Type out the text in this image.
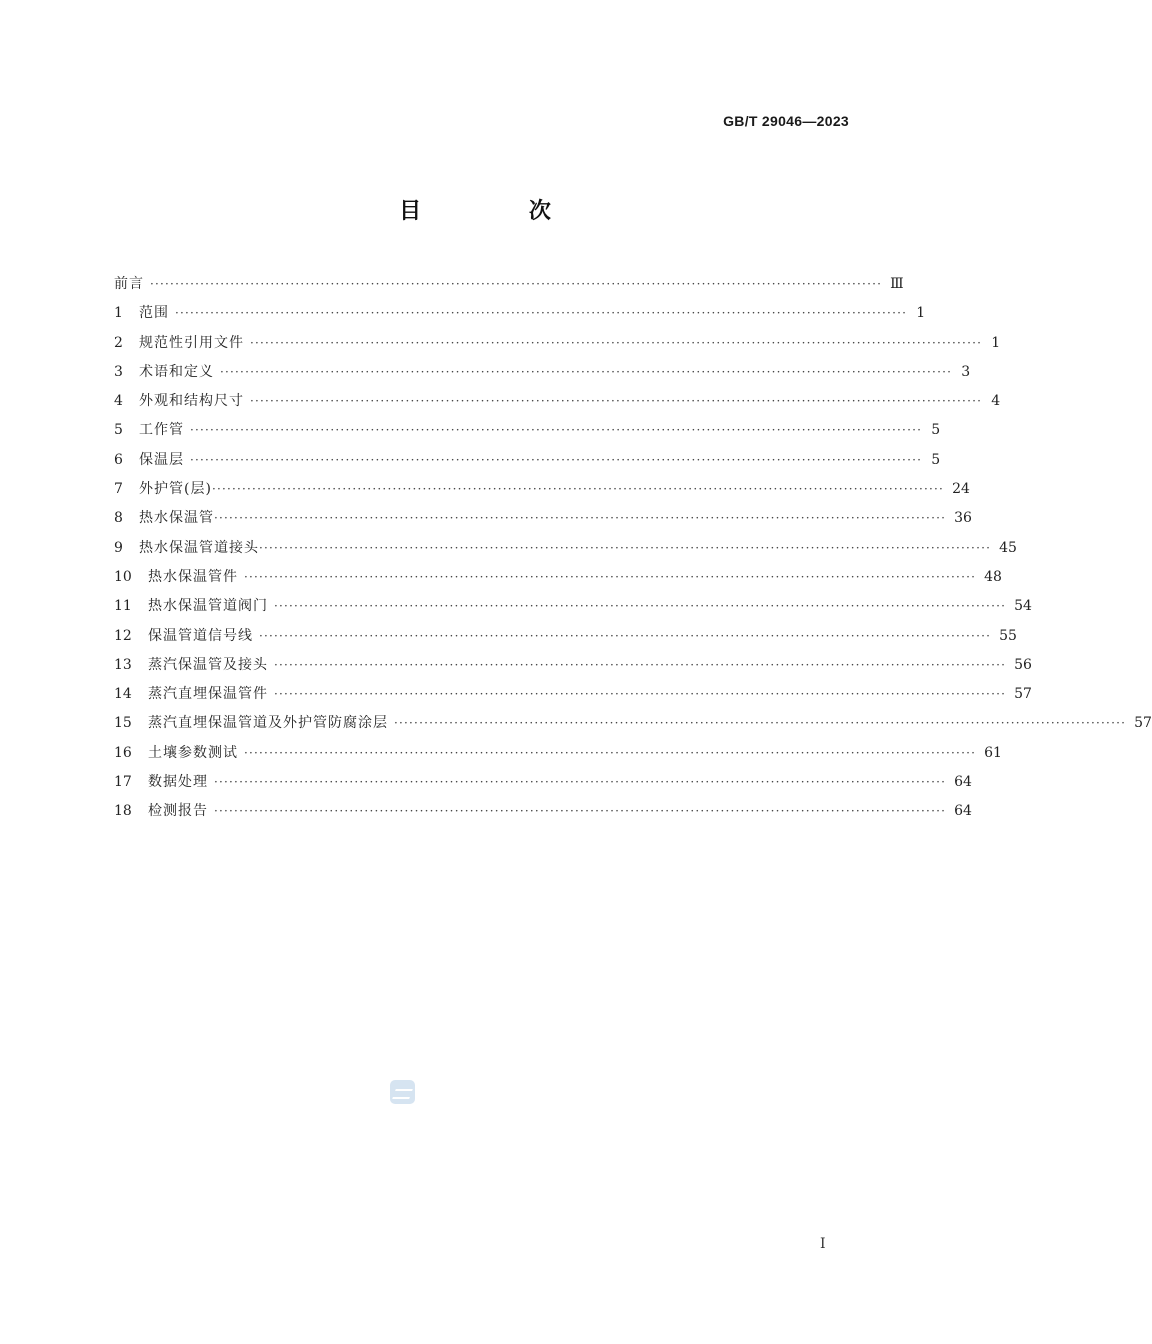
GB/T 29046—2023
目 次
前言 ·················································································································································· Ⅲ
1	范围 ·················································································································································· 1
2	规范性引用文件 ·················································································································································· 1
3	术语和定义 ·················································································································································· 3
4	外观和结构尺寸 ·················································································································································· 4
5	工作管 ·················································································································································· 5
6	保温层 ·················································································································································· 5
7	外护管(层) ·················································································································································· 24
8	热水保温管 ·················································································································································· 36
9	热水保温管道接头 ·················································································································································· 45
10	热水保温管件 ·················································································································································· 48
11	热水保温管道阀门 ·················································································································································· 54
12	保温管道信号线 ·················································································································································· 55
13	蒸汽保温管及接头 ·················································································································································· 56
14	蒸汽直埋保温管件 ·················································································································································· 57
15	蒸汽直埋保温管道及外护管防腐涂层 ·················································································································································· 57
16	土壤参数测试 ·················································································································································· 61
17	数据处理 ·················································································································································· 64
18	检测报告 ·················································································································································· 64
I
